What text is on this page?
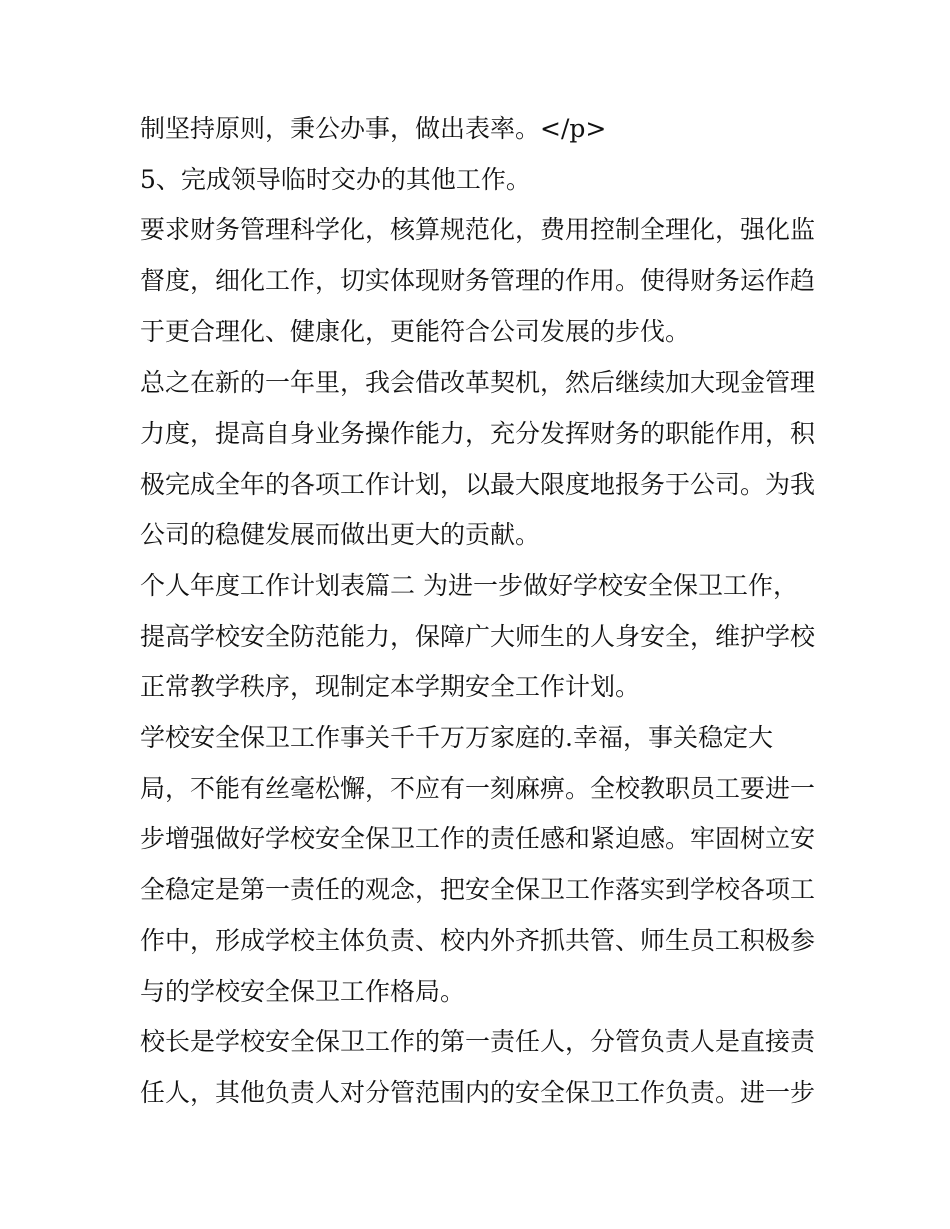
制坚持原则，秉公办事，做出表率。</p>
5、完成领导临时交办的其他工作。
要求财务管理科学化，核算规范化，费用控制全理化，强化监
督度，细化工作，切实体现财务管理的作用。使得财务运作趋
于更合理化、健康化，更能符合公司发展的步伐。
总之在新的一年里，我会借改革契机，然后继续加大现金管理
力度，提高自身业务操作能力，充分发挥财务的职能作用，积
极完成全年的各项工作计划，以最大限度地报务于公司。为我
公司的稳健发展而做出更大的贡献。
个人年度工作计划表篇二 为进一步做好学校安全保卫工作，
提高学校安全防范能力，保障广大师生的人身安全，维护学校
正常教学秩序，现制定本学期安全工作计划。
学校安全保卫工作事关千千万万家庭的.幸福，事关稳定大
局，不能有丝毫松懈，不应有一刻麻痹。全校教职员工要进一
步增强做好学校安全保卫工作的责任感和紧迫感。牢固树立安
全稳定是第一责任的观念，把安全保卫工作落实到学校各项工
作中，形成学校主体负责、校内外齐抓共管、师生员工积极参
与的学校安全保卫工作格局。
校长是学校安全保卫工作的第一责任人，分管负责人是直接责
任人，其他负责人对分管范围内的安全保卫工作负责。进一步
